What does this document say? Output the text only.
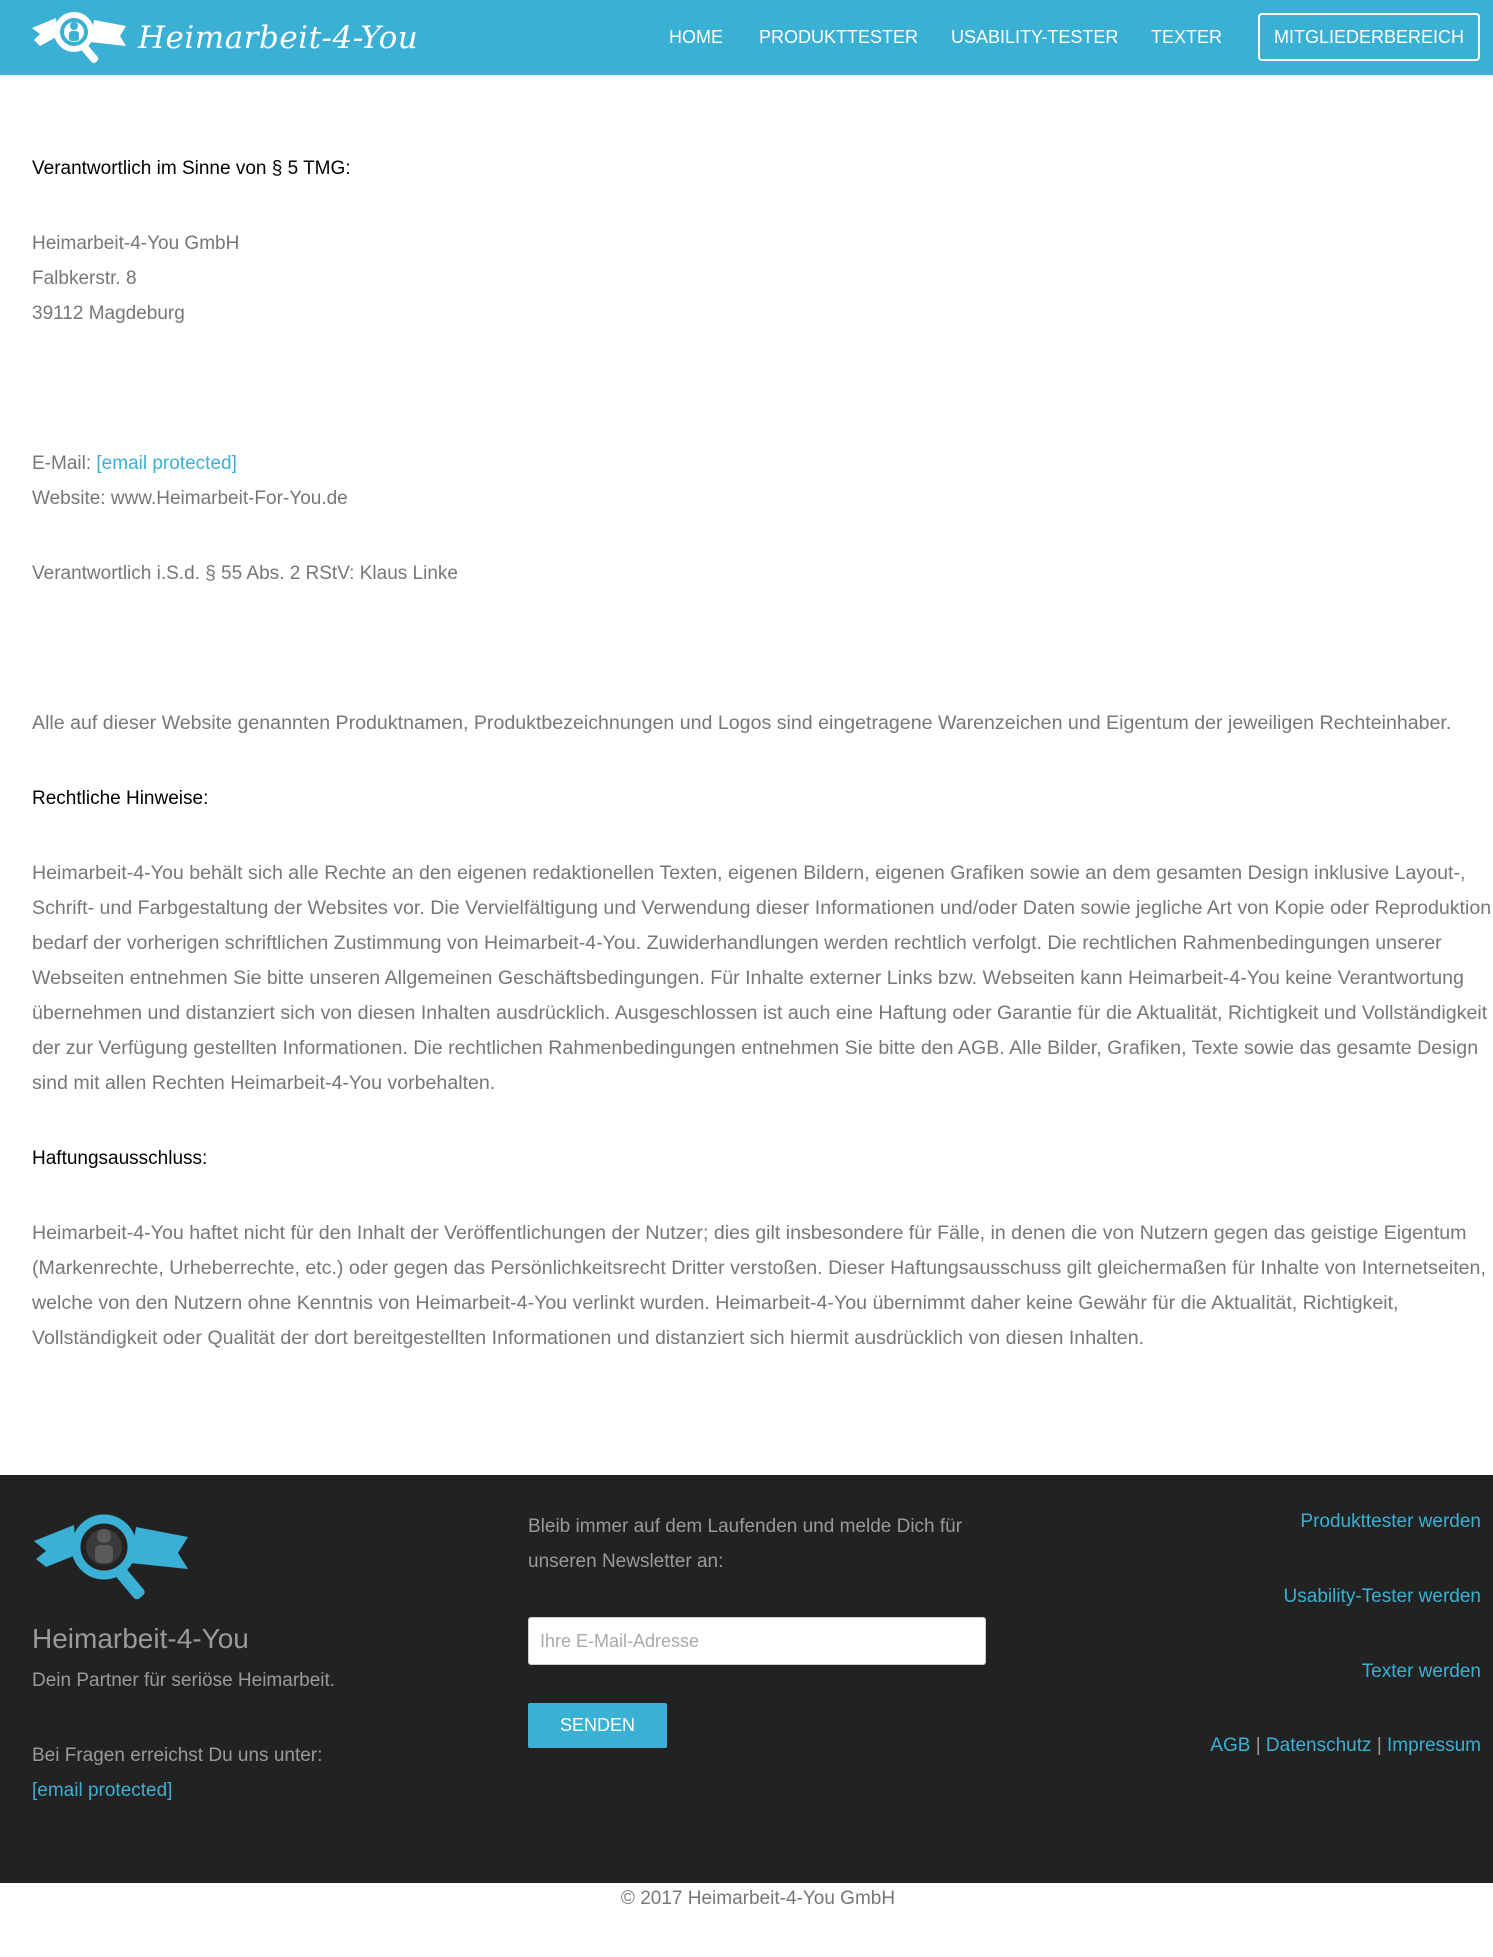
Heimarbeit-4-You	HOME PRODUKTTESTER USABILITY-TESTER TEXTER	MITGLIEDERBEREICH
Verantwortlich im Sinne von § 5 TMG:
Heimarbeit-4-You GmbH
Falbkerstr. 8
39112 Magdeburg
E-Mail: [email protected]
Website: www.Heimarbeit-For-You.de
Verantwortlich i.S.d. § 55 Abs. 2 RStV: Klaus Linke
Alle auf dieser Website genannten Produktnamen, Produktbezeichnungen und Logos sind eingetragene Warenzeichen und Eigentum der jeweiligen Rechteinhaber.
Rechtliche Hinweise:

Heimarbeit-4-You behält sich alle Rechte an den eigenen redaktionellen Texten, eigenen Bildern, eigenen Grafiken sowie an dem gesamten Design inklusive Layout-, Schrift- und Farbgestaltung der Websites vor. Die Vervielfältigung und Verwendung dieser Informationen und/oder Daten sowie jegliche Art von Kopie oder Reproduktion bedarf der vorherigen schriftlichen Zustimmung von Heimarbeit-4-You. Zuwiderhandlungen werden rechtlich verfolgt. Die rechtlichen Rahmenbedingungen unserer Webseiten entnehmen Sie bitte unseren Allgemeinen Geschäftsbedingungen. Für Inhalte externer Links bzw. Webseiten kann Heimarbeit-4-You keine Verantwortung übernehmen und distanziert sich von diesen Inhalten ausdrücklich. Ausgeschlossen ist auch eine Haftung oder Garantie für die Aktualität, Richtigkeit und Vollständigkeit der zur Verfügung gestellten Informationen. Die rechtlichen Rahmenbedingungen entnehmen Sie bitte den AGB. Alle Bilder, Grafiken, Texte sowie das gesamte Design sind mit allen Rechten Heimarbeit-4-You vorbehalten.

Haftungsausschluss:

Heimarbeit-4-You haftet nicht für den Inhalt der Veröffentlichungen der Nutzer; dies gilt insbesondere für Fälle, in denen die von Nutzern gegen das geistige Eigentum (Markenrechte, Urheberrechte, etc.) oder gegen das Persönlichkeitsrecht Dritter verstoßen. Dieser Haftungsausschuss gilt gleichermaßen für Inhalte von Internetseiten, welche von den Nutzern ohne Kenntnis von Heimarbeit-4-You verlinkt wurden. Heimarbeit-4-You übernimmt daher keine Gewähr für die Aktualität, Richtigkeit, Vollständigkeit oder Qualität der dort bereitgestellten Informationen und distanziert sich hiermit ausdrücklich von diesen Inhalten.

Heimarbeit-4-You
Dein Partner für seriöse Heimarbeit.
Bei Fragen erreichst Du uns unter:
[email protected]
Bleib immer auf dem Laufenden und melde Dich für unseren Newsletter an:
Ihre E-Mail-Adresse
SENDEN
Produkttester werden
Usability-Tester werden
Texter werden
AGB | Datenschutz | Impressum
© 2017 Heimarbeit-4-You GmbH
